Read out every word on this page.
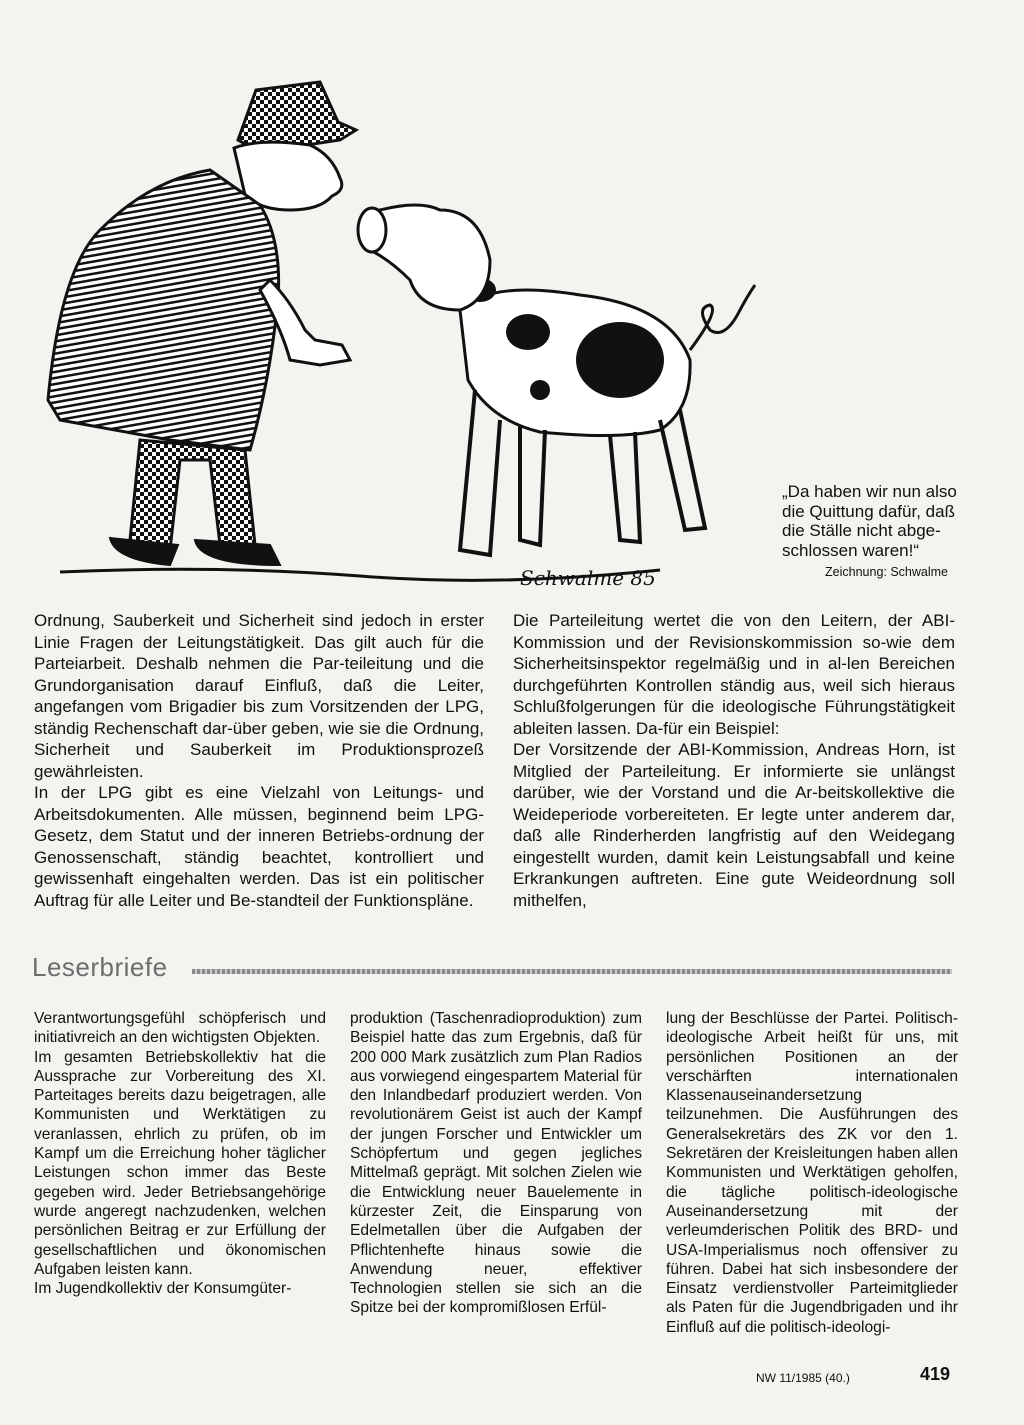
Schwalme 85
„Da haben wir nun also die Quittung dafür, daß die Ställe nicht abge-schlossen waren!“
Zeichnung: Schwalme

Ordnung, Sauberkeit und Sicherheit sind jedoch in erster Linie Fragen der Leitungstätigkeit. Das gilt auch für die Parteiarbeit. Deshalb nehmen die Par-teileitung und die Grundorganisation darauf Einfluß, daß die Leiter, angefangen vom Brigadier bis zum Vorsitzenden der LPG, ständig Rechenschaft dar-über geben, wie sie die Ordnung, Sicherheit und Sauberkeit im Produktionsprozeß gewährleisten.

In der LPG gibt es eine Vielzahl von Leitungs- und Arbeitsdokumenten. Alle müssen, beginnend beim LPG-Gesetz, dem Statut und der inneren Betriebs-ordnung der Genossenschaft, ständig beachtet, kontrolliert und gewissenhaft eingehalten werden. Das ist ein politischer Auftrag für alle Leiter und Be-standteil der Funktionspläne.

Die Parteileitung wertet die von den Leitern, der ABI-Kommission und der Revisionskommission so-wie dem Sicherheitsinspektor regelmäßig und in al-len Bereichen durchgeführten Kontrollen ständig aus, weil sich hieraus Schlußfolgerungen für die ideologische Führungstätigkeit ableiten lassen. Da-für ein Beispiel:

Der Vorsitzende der ABI-Kommission, Andreas Horn, ist Mitglied der Parteileitung. Er informierte sie unlängst darüber, wie der Vorstand und die Ar-beitskollektive die Weideperiode vorbereiteten. Er legte unter anderem dar, daß alle Rinderherden langfristig auf den Weidegang eingestellt wurden, damit kein Leistungsabfall und keine Erkrankungen auftreten. Eine gute Weideordnung soll mithelfen,

Leserbriefe

Verantwortungsgefühl schöpferisch und initiativreich an den wichtigsten Objekten.

Im gesamten Betriebskollektiv hat die Aussprache zur Vorbereitung des XI. Parteitages bereits dazu beigetragen, alle Kommunisten und Werktätigen zu veranlassen, ehrlich zu prüfen, ob im Kampf um die Erreichung hoher täglicher Leistungen schon immer das Beste gegeben wird. Jeder Betriebsangehörige wurde angeregt nachzudenken, welchen persönlichen Beitrag er zur Erfüllung der gesellschaftlichen und ökonomischen Aufgaben leisten kann.

Im Jugendkollektiv der Konsumgüter-

produktion (Taschenradioproduktion) zum Beispiel hatte das zum Ergebnis, daß für 200 000 Mark zusätzlich zum Plan Radios aus vorwiegend eingespartem Material für den Inlandbedarf produziert werden. Von revolutionärem Geist ist auch der Kampf der jungen Forscher und Entwickler um Schöpfertum und gegen jegliches Mittelmaß geprägt. Mit solchen Zielen wie die Entwicklung neuer Bauelemente in kürzester Zeit, die Einsparung von Edelmetallen über die Aufgaben der Pflichtenhefte hinaus sowie die Anwendung neuer, effektiver Technologien stellen sie sich an die Spitze bei der kompromißlosen Erfül-

lung der Beschlüsse der Partei. Politisch-ideologische Arbeit heißt für uns, mit persönlichen Positionen an der verschärften internationalen Klassenauseinandersetzung teilzunehmen. Die Ausführungen des Generalsekretärs des ZK vor den 1. Sekretären der Kreisleitungen haben allen Kommunisten und Werktätigen geholfen, die tägliche politisch-ideologische Auseinandersetzung mit der verleumderischen Politik des BRD- und USA-Imperialismus noch offensiver zu führen. Dabei hat sich insbesondere der Einsatz verdienstvoller Parteimitglieder als Paten für die Jugendbrigaden und ihr Einfluß auf die politisch-ideologi-

NW 11/1985 (40.)	419
